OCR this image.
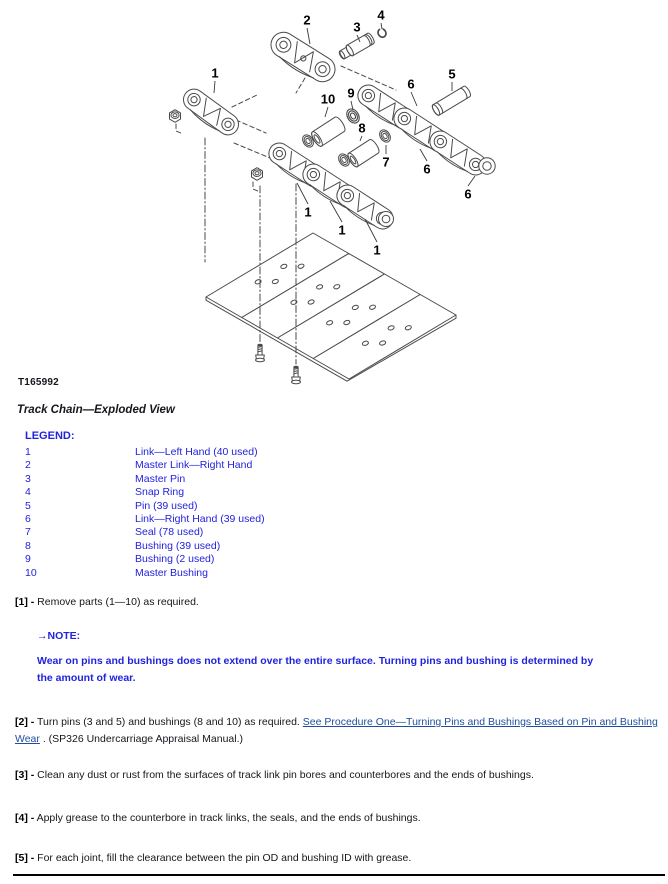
2	3
4
1	5
6
9
10
8
7	6
6
1
1
1
T165992
Track Chain—Exploded View
LEGEND:
1	Link—Left Hand (40 used)
2	Master Link—Right Hand
3	Master Pin
4	Snap Ring
5	Pin (39 used)
6	Link—Right Hand (39 used)
7	Seal (78 used)
8	Bushing (39 used)
9	Bushing (2 used)
10	Master Bushing
[1] - Remove parts (1—10) as required.
→NOTE:
Wear on pins and bushings does not extend over the entire surface. Turning pins and bushing is determined by the amount of wear.
[2] - Turn pins (3 and 5) and bushings (8 and 10) as required. See Procedure One—Turning Pins and Bushings Based on Pin and Bushing Wear . (SP326 Undercarriage Appraisal Manual.)
[3] - Clean any dust or rust from the surfaces of track link pin bores and counterbores and the ends of bushings.
[4] - Apply grease to the counterbore in track links, the seals, and the ends of bushings.
[5] - For each joint, fill the clearance between the pin OD and bushing ID with grease.
